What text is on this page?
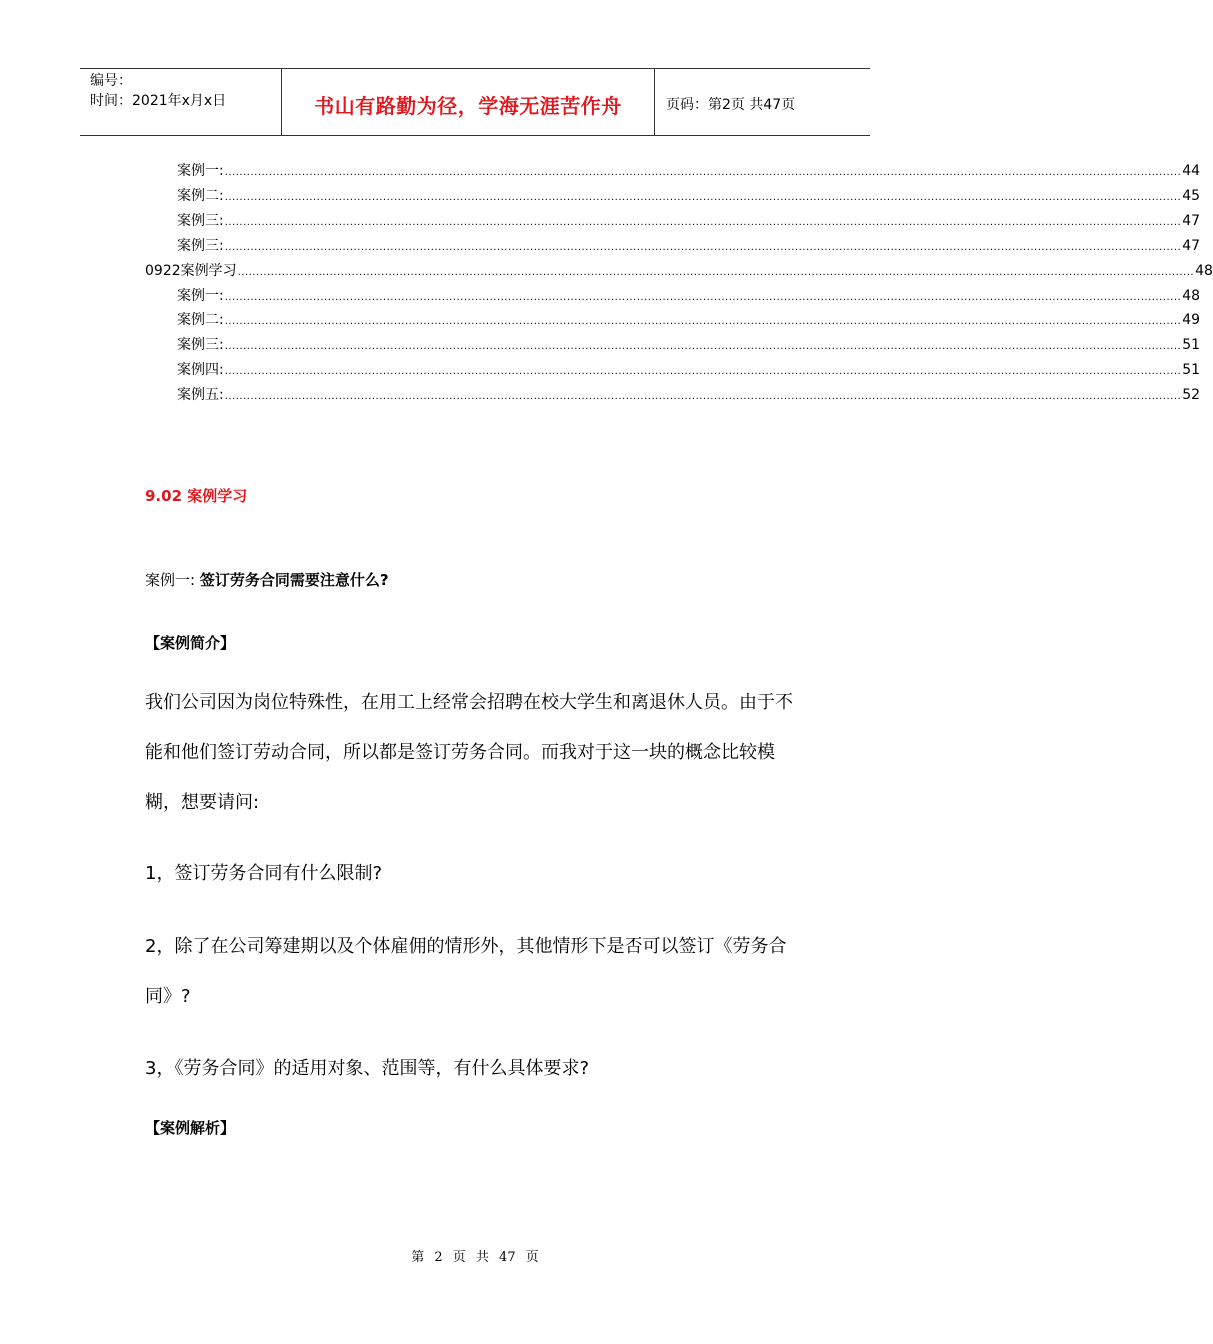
编号：
时间：2021年x月x日	书山有路勤为径，学海无涯苦作舟	页码：第2页 共47页
案例一: .................................................................................................................................................................................................................................................................... 44
案例二: .................................................................................................................................................................................................................................................................... 45
案例三: .................................................................................................................................................................................................................................................................... 47
案例三: .................................................................................................................................................................................................................................................................... 47
0922案例学习 .................................................................................................................................................................................................................................................................... 48
案例一: .................................................................................................................................................................................................................................................................... 48
案例二: .................................................................................................................................................................................................................................................................... 49
案例三: .................................................................................................................................................................................................................................................................... 51
案例四: .................................................................................................................................................................................................................................................................... 51
案例五: .................................................................................................................................................................................................................................................................... 52
9.02 案例学习
案例一: 签订劳务合同需要注意什么?
【案例简介】
我们公司因为岗位特殊性，在用工上经常会招聘在校大学生和离退休人员。由于不能和他们签订劳动合同，所以都是签订劳务合同。而我对于这一块的概念比较模糊，想要请问:
1，签订劳务合同有什么限制?
2，除了在公司筹建期以及个体雇佣的情形外，其他情形下是否可以签订《劳务合同》?
3，《劳务合同》的适用对象、范围等，有什么具体要求?
【案例解析】
第 2 页 共 47 页
